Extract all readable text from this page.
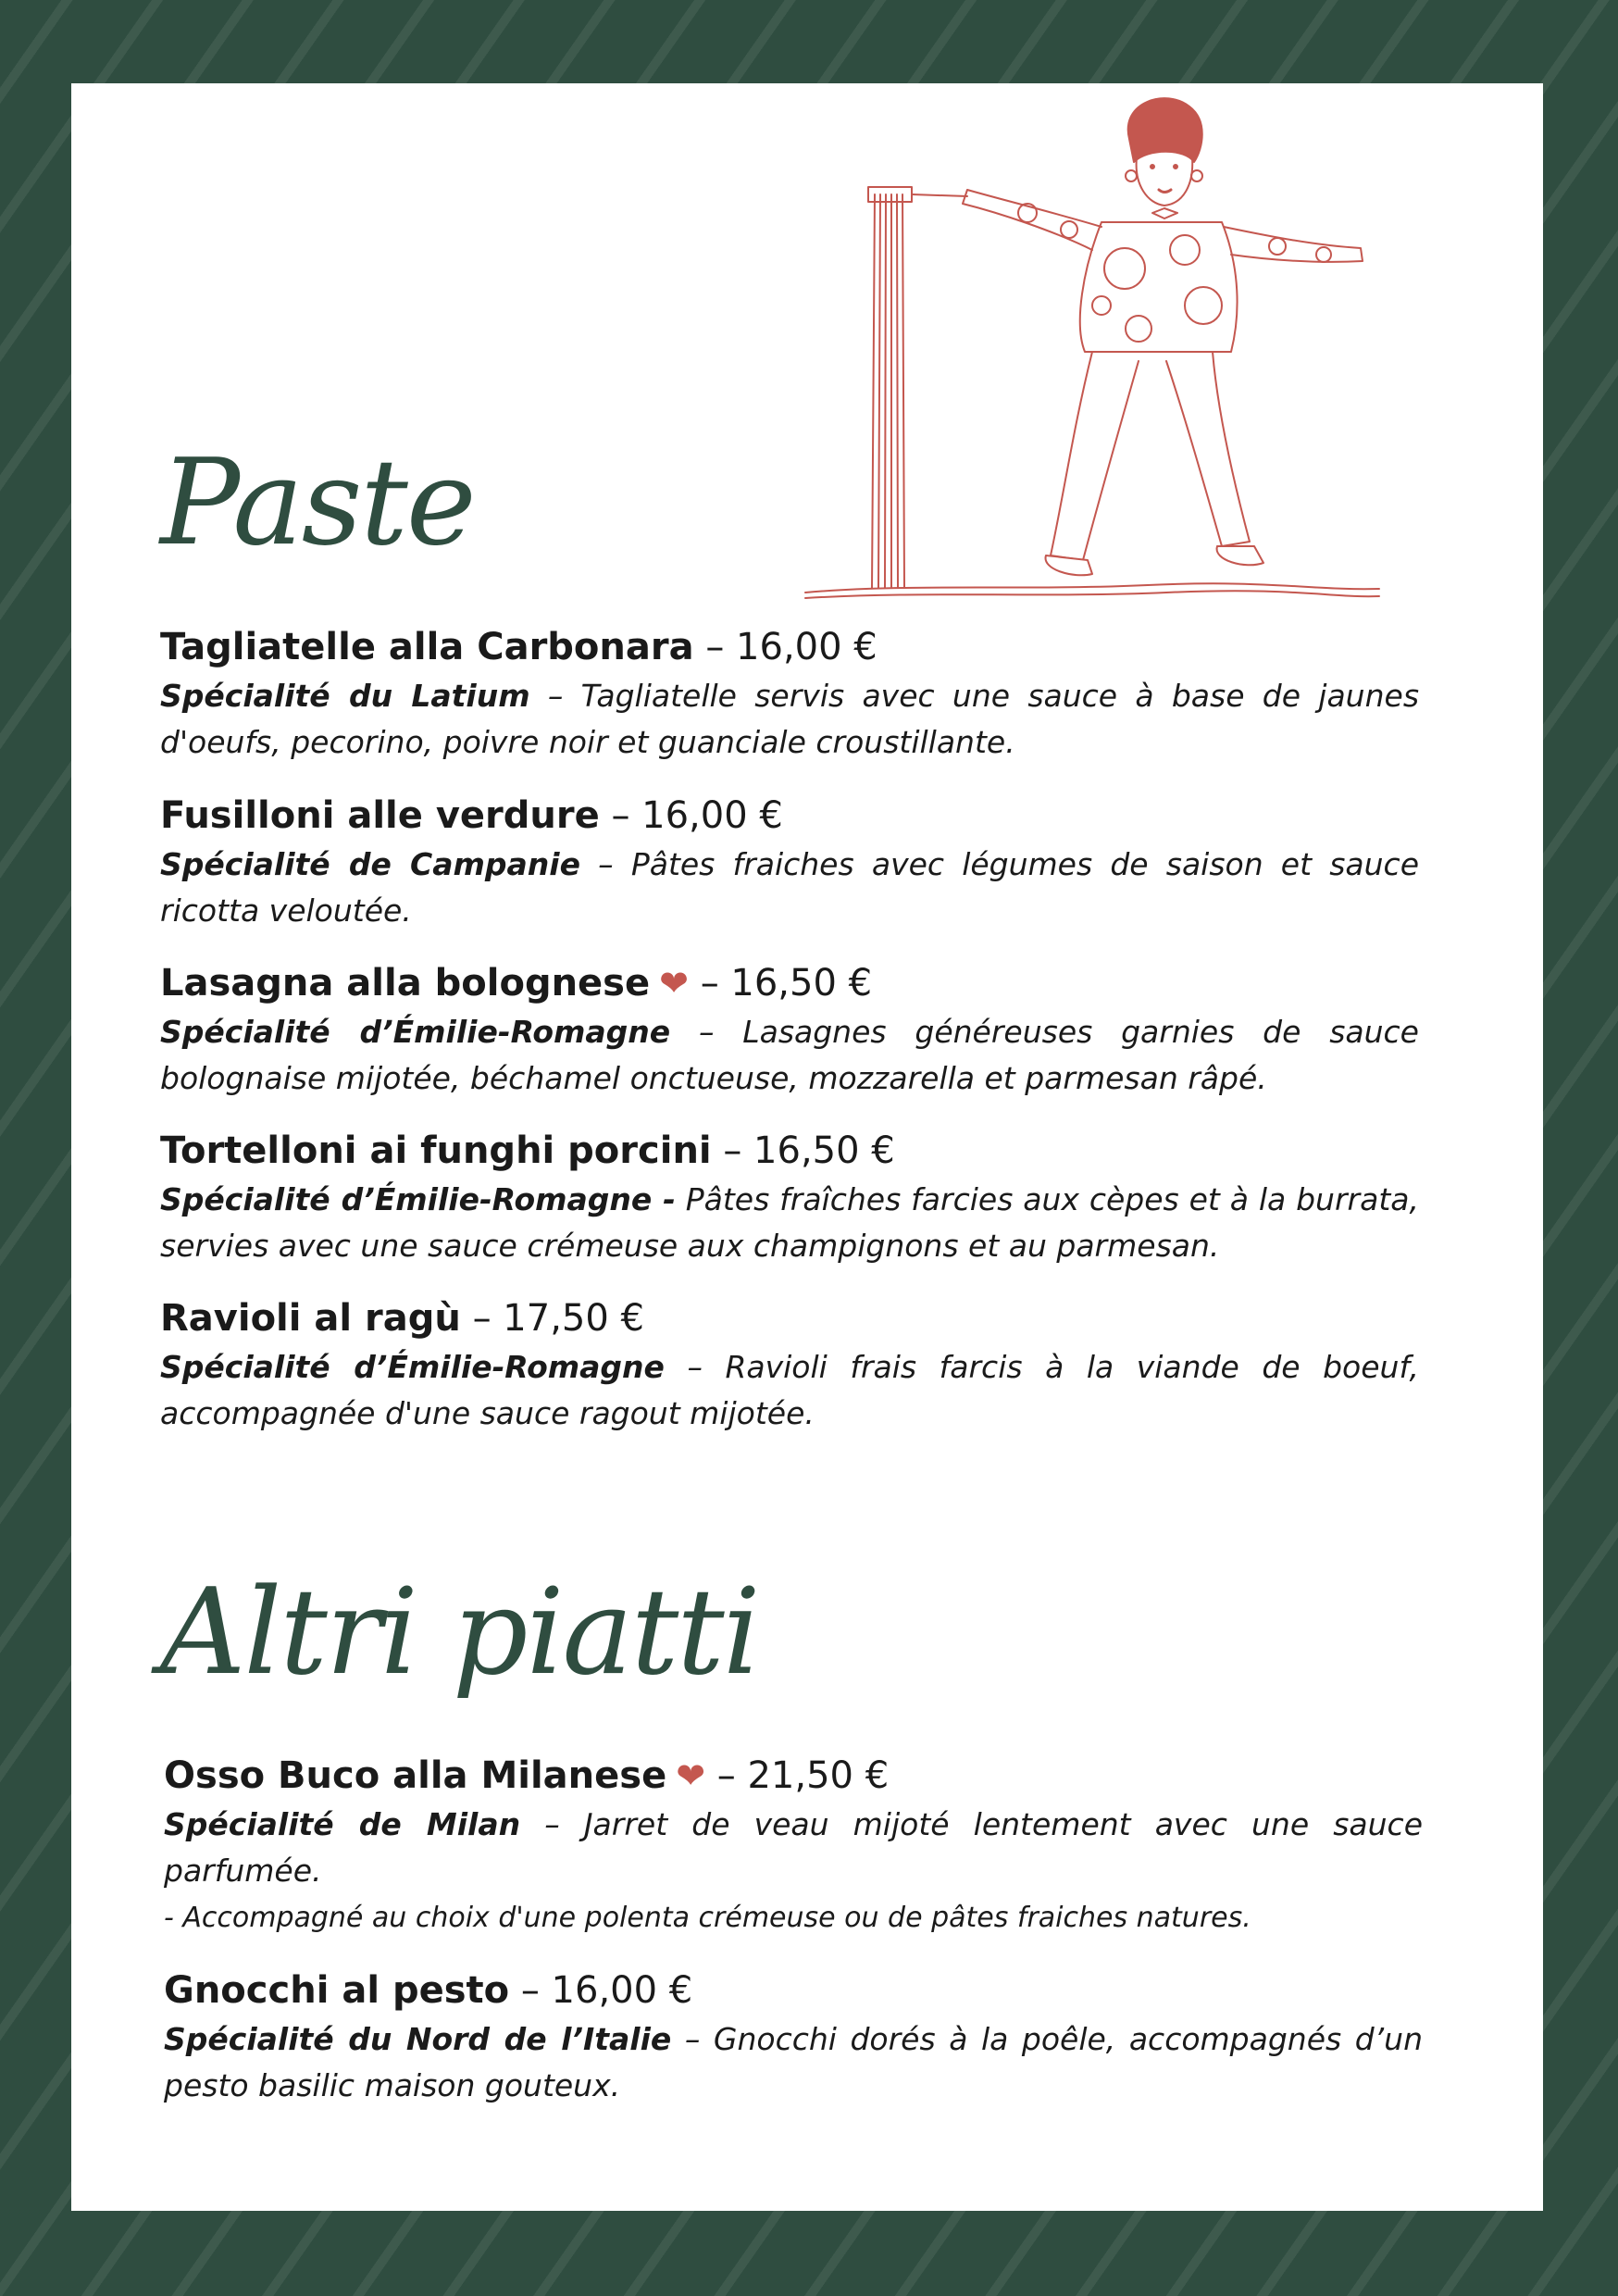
Paste
Tagliatelle alla Carbonara – 16,00 €

Spécialité du Latium – Tagliatelle servis avec une sauce à base de jaunes d'oeufs, pecorino, poivre noir et guanciale croustillante.

Fusilloni alle verdure – 16,00 €

Spécialité de Campanie – Pâtes fraiches avec légumes de saison et sauce ricotta veloutée.

Lasagna alla bolognese ❤ – 16,50 €

Spécialité d’Émilie-Romagne – Lasagnes généreuses garnies de sauce bolognaise mijotée, béchamel onctueuse, mozzarella et parmesan râpé.

Tortelloni ai funghi porcini – 16,50 €

Spécialité d’Émilie-Romagne - Pâtes fraîches farcies aux cèpes et à la burrata, servies avec une sauce crémeuse aux champignons et au parmesan.

Ravioli al ragù – 17,50 €

Spécialité d’Émilie-Romagne – Ravioli frais farcis à la viande de boeuf, accompagnée d'une sauce ragout mijotée.

Altri piatti
Osso Buco alla Milanese ❤ – 21,50 €

Spécialité de Milan – Jarret de veau mijoté lentement avec une sauce parfumée.

- Accompagné au choix d'une polenta crémeuse ou de pâtes fraiches natures.

Gnocchi al pesto – 16,00 €

Spécialité du Nord de l’Italie – Gnocchi dorés à la poêle, accompagnés d’un pesto basilic maison gouteux.
